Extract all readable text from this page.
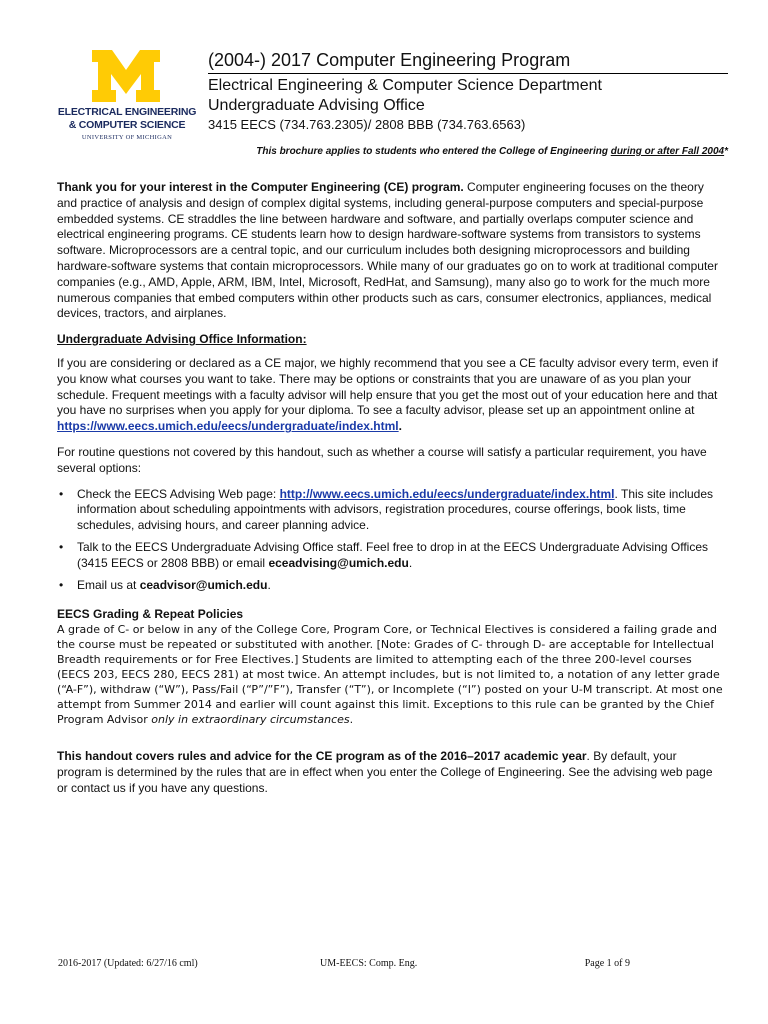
ELECTRICAL ENGINEERING
& COMPUTER SCIENCE
UNIVERSITY OF MICHIGAN
(2004-) 2017 Computer Engineering Program
Electrical Engineering & Computer Science Department
Undergraduate Advising Office
3415 EECS (734.763.2305)/ 2808 BBB (734.763.6563)
This brochure applies to students who entered the College of Engineering during or after Fall 2004*

Thank you for your interest in the Computer Engineering (CE) program. Computer engineering focuses on the theory and practice of analysis and design of complex digital systems, including general-purpose computers and special-purpose embedded systems. CE straddles the line between hardware and software, and partially overlaps computer science and electrical engineering programs. CE students learn how to design hardware-software systems from transistors to systems software. Microprocessors are a central topic, and our curriculum includes both designing microprocessors and building hardware-software systems that contain microprocessors. While many of our graduates go on to work at traditional computer companies (e.g., AMD, Apple, ARM, IBM, Intel, Microsoft, RedHat, and Samsung), many also go to work for the much more numerous companies that embed computers within other products such as cars, consumer electronics, appliances, medical devices, tractors, and airplanes.

Undergraduate Advising Office Information:

If you are considering or declared as a CE major, we highly recommend that you see a CE faculty advisor every term, even if you know what courses you want to take. There may be options or constraints that you are unaware of as you plan your schedule. Frequent meetings with a faculty advisor will help ensure that you get the most out of your education here and that you have no surprises when you apply for your diploma. To see a faculty advisor, please set up an appointment online at https://www.eecs.umich.edu/eecs/undergraduate/index.html.

For routine questions not covered by this handout, such as whether a course will satisfy a particular requirement, you have several options:

• Check the EECS Advising Web page: http://www.eecs.umich.edu/eecs/undergraduate/index.html. This site includes information about scheduling appointments with advisors, registration procedures, course offerings, book lists, time schedules, advising hours, and career planning advice.
• Talk to the EECS Undergraduate Advising Office staff. Feel free to drop in at the EECS Undergraduate Advising Offices (3415 EECS or 2808 BBB) or email eceadvising@umich.edu.
• Email us at ceadvisor@umich.edu.
EECS Grading & Repeat Policies
A grade of C- or below in any of the College Core, Program Core, or Technical Electives is considered a failing grade and the course must be repeated or substituted with another. [Note: Grades of C- through D- are acceptable for Intellectual Breadth requirements or for Free Electives.] Students are limited to attempting each of the three 200-level courses (EECS 203, EECS 280, EECS 281) at most twice. An attempt includes, but is not limited to, a notation of any letter grade (“A-F”), withdraw (“W”), Pass/Fail (“P”/”F”), Transfer (“T”), or Incomplete (“I”) posted on your U-M transcript. At most one attempt from Summer 2014 and earlier will count against this limit. Exceptions to this rule can be granted by the Chief Program Advisor only in extraordinary circumstances.

This handout covers rules and advice for the CE program as of the 2016–2017 academic year. By default, your program is determined by the rules that are in effect when you enter the College of Engineering. See the advising web page or contact us if you have any questions.

2016-2017 (Updated: 6/27/16 cml)	UM-EECS: Comp. Eng.	Page 1 of 9
